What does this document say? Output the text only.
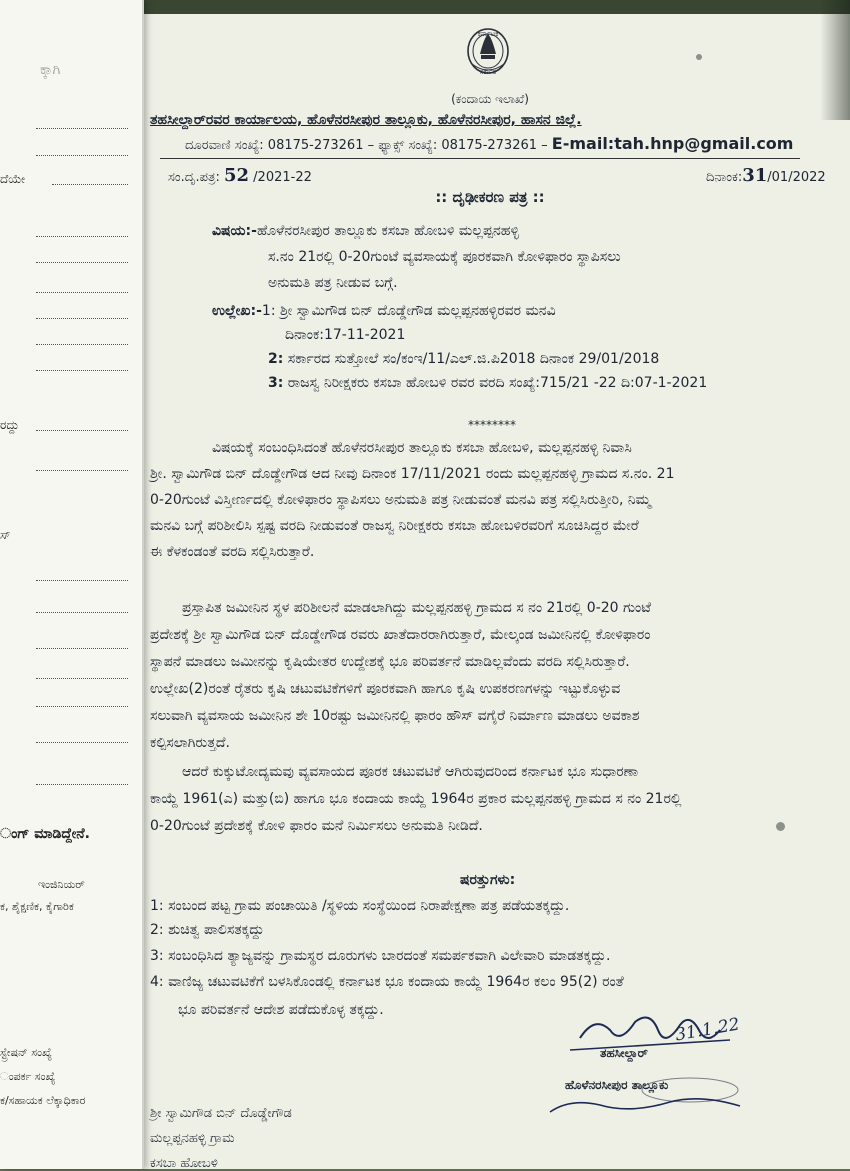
ಕರ್ನಾಟಕ
ಸರ್ಕಾರ
(ಕಂದಾಯ ಇಲಾಖೆ)
ತಹಸೀಲ್ದಾರ್‌ರವರ ಕಾರ್ಯಾಲಯ, ಹೊಳೆನರಸೀಪುರ ತಾಲ್ಲೂಕು, ಹೊಳೆನರಸೀಪುರ, ಹಾಸನ ಜಿಲ್ಲೆ.
ದೂರವಾಣಿ ಸಂಖ್ಯೆ: 08175-273261 – ಫ್ಯಾಕ್ಸ್ ಸಂಖ್ಯೆ: 08175-273261 – E-mail:tah.hnp@gmail.com
ಸಂ.ದೃ.ಪತ್ರ: 52 /2021-22	ದಿನಾಂಕ:31/01/2022
:: ದೃಢೀಕರಣ ಪತ್ರ ::
ವಿಷಯ:-ಹೊಳೆನರಸೀಪುರ ತಾಲ್ಲೂಕು ಕಸಬಾ ಹೋಬಳಿ ಮಲ್ಲಪ್ಪನಹಳ್ಳಿ
ಸ.ನಂ 21ರಲ್ಲಿ 0-20ಗುಂಟೆ ವ್ಯವಸಾಯಕ್ಕೆ ಪೂರಕವಾಗಿ ಕೋಳಿಫಾರಂ ಸ್ಥಾಪಿಸಲು
ಅನುಮತಿ ಪತ್ರ ನೀಡುವ ಬಗ್ಗೆ.
ಉಲ್ಲೇಖ:-1: ಶ್ರೀ ಸ್ವಾಮಿಗೌಡ ಬಿನ್ ದೊಡ್ಡೇಗೌಡ ಮಲ್ಲಪ್ಪನಹಳ್ಳಿರವರ ಮನವಿ
ದಿನಾಂಕ:17-11-2021
2: ಸರ್ಕಾರದ ಸುತ್ತೋಲೆ ಸಂ/ಕಂಇ/11/ಎಲ್.ಜಿ.ಪಿ2018 ದಿನಾಂಕ 29/01/2018
3: ರಾಜಸ್ವ ನಿರೀಕ್ಷಕರು ಕಸಬಾ ಹೋಬಳಿ ರವರ ವರದಿ ಸಂಖ್ಯೆ:715/21 -22 ದಿ:07-1-2021
********
ವಿಷಯಕ್ಕೆ ಸಂಬಂಧಿಸಿದಂತೆ ಹೊಳೆನರಸೀಪುರ ತಾಲ್ಲೂಕು ಕಸಬಾ ಹೋಬಳಿ, ಮಲ್ಲಪ್ಪನಹಳ್ಳಿ ನಿವಾಸಿ
ಶ್ರೀ. ಸ್ವಾಮಿಗೌಡ ಬಿನ್ ದೊಡ್ಡೇಗೌಡ ಆದ ನೀವು ದಿನಾಂಕ 17/11/2021 ರಂದು ಮಲ್ಲಪ್ಪನಹಳ್ಳಿ ಗ್ರಾಮದ ಸ.ನಂ. 21
0-20ಗುಂಟೆ ವಿಸ್ತೀರ್ಣದಲ್ಲಿ ಕೋಳಿಫಾರಂ ಸ್ಥಾಪಿಸಲು ಅನುಮತಿ ಪತ್ರ ನೀಡುವಂತೆ ಮನವಿ ಪತ್ರ ಸಲ್ಲಿಸಿರುತ್ತೀರಿ, ನಿಮ್ಮ
ಮನವಿ ಬಗ್ಗೆ ಪರಿಶೀಲಿಸಿ ಸ್ಪಷ್ಟ ವರದಿ ನೀಡುವಂತೆ ರಾಜಸ್ವ ನಿರೀಕ್ಷಕರು ಕಸಬಾ ಹೋಬಳಿರವರಿಗೆ ಸೂಚಿಸಿದ್ದರ ಮೇರೆ
ಈ ಕೆಳಕಂಡಂತೆ ವರದಿ ಸಲ್ಲಿಸಿರುತ್ತಾರೆ.
ಪ್ರಸ್ತಾಪಿತ ಜಮೀನಿನ ಸ್ಥಳ ಪರಿಶೀಲನೆ ಮಾಡಲಾಗಿದ್ದು ಮಲ್ಲಪ್ಪನಹಳ್ಳಿ ಗ್ರಾಮದ ಸ ನಂ 21ರಲ್ಲಿ 0-20 ಗುಂಟೆ
ಪ್ರದೇಶಕ್ಕೆ ಶ್ರೀ ಸ್ವಾಮಿಗೌಡ ಬಿನ್ ದೊಡ್ಡೇಗೌಡ ರವರು ಖಾತೆದಾರರಾಗಿರುತ್ತಾರೆ, ಮೇಲ್ಕಂಡ ಜಮೀನಿನಲ್ಲಿ ಕೋಳಿಫಾರಂ
ಸ್ಥಾಪನೆ ಮಾಡಲು ಜಮೀನನ್ನು ಕೃಷಿಯೇತರ ಉದ್ದೇಶಕ್ಕೆ ಭೂ ಪರಿವರ್ತನೆ ಮಾಡಿಲ್ಲವೆಂದು ವರದಿ ಸಲ್ಲಿಸಿರುತ್ತಾರೆ.
ಉಲ್ಲೇಖ(2)ರಂತೆ ರೈತರು ಕೃಷಿ ಚಟುವಟಿಕೆಗಳಿಗೆ ಪೂರಕವಾಗಿ ಹಾಗೂ ಕೃಷಿ ಉಪಕರಣಗಳನ್ನು ಇಟ್ಟುಕೊಳ್ಳುವ
ಸಲುವಾಗಿ ವ್ಯವಸಾಯ ಜಮೀನಿನ ಶೇ 10ರಷ್ಟು ಜಮೀನಿನಲ್ಲಿ ಫಾರಂ ಹೌಸ್ ವಗೈರೆ ನಿರ್ಮಾಣ ಮಾಡಲು ಅವಕಾಶ
ಕಲ್ಪಿಸಲಾಗಿರುತ್ತದೆ.
ಆದರೆ ಕುಕ್ಕುಟೋದ್ಯಮವು ವ್ಯವಸಾಯದ ಪೂರಕ ಚಟುವಟಿಕೆ ಆಗಿರುವುದರಿಂದ ಕರ್ನಾಟಕ ಭೂ ಸುಧಾರಣಾ
ಕಾಯ್ದೆ 1961(ಎ) ಮತ್ತು(ಬಿ) ಹಾಗೂ ಭೂ ಕಂದಾಯ ಕಾಯ್ದೆ 1964ರ ಪ್ರಕಾರ ಮಲ್ಲಪ್ಪನಹಳ್ಳಿ ಗ್ರಾಮದ ಸ ನಂ 21ರಲ್ಲಿ
0-20ಗುಂಟೆ ಪ್ರದೇಶಕ್ಕೆ ಕೋಳಿ ಫಾರಂ ಮನೆ ನಿರ್ಮಿಸಲು ಅನುಮತಿ ನೀಡಿದೆ.
ಷರತ್ತುಗಳು:
1: ಸಂಬಂದ ಪಟ್ಟ ಗ್ರಾಮ ಪಂಚಾಯಿತಿ /ಸ್ಥಳಿಯ ಸಂಸ್ಥೆಯಿಂದ ನಿರಾಪೇಕ್ಷಣಾ ಪತ್ರ ಪಡೆಯತಕ್ಕದ್ದು.
2: ಶುಚಿತ್ವ ಪಾಲಿಸತಕ್ಕದ್ದು
3: ಸಂಬಂಧಿಸಿದ ತ್ಯಾಜ್ಯವನ್ನು ಗ್ರಾಮಸ್ಥರ ದೂರುಗಳು ಬಾರದಂತೆ ಸಮರ್ಪಕವಾಗಿ ವಿಲೇವಾರಿ ಮಾಡತಕ್ಕದ್ದು.
4: ವಾಣಿಜ್ಯ ಚಟುವಟಿಕೆಗೆ ಬಳಸಿಕೊಂಡಲ್ಲಿ ಕರ್ನಾಟಕ ಭೂ ಕಂದಾಯ ಕಾಯ್ದೆ 1964ರ ಕಲಂ 95(2) ರಂತೆ
ಭೂ ಪರಿವರ್ತನೆ ಆದೇಶ ಪಡೆದುಕೊಳ್ಳ ತಕ್ಕದ್ದು.
31.1.22
ತಹಸೀಲ್ದಾರ್
ಹೊಳೆನರಸೀಪುರ ತಾಲ್ಲೂಕು
ಶ್ರೀ ಸ್ವಾಮಿಗೌಡ ಬಿನ್ ದೊಡ್ಡೇಗೌಡ
ಮಲ್ಲಪ್ಪನಹಳ್ಳಿ ಗ್ರಾಮ
ಕಸಬಾ ಹೋಬಳಿ
ಕ್ಕಾಗಿ
ದೆಯೇ
ರದ್ದು
ಸ್
ಂಗ್ ಮಾಡಿದ್ದೇನೆ.
ಇಂಜಿನಿಯರ್
ಕ, ಶೈಕ್ಷಣಿಕ, ಕೈಗಾರಿಕ
ಸ್ಟ್ರೇಷನ್ ಸಂಖ್ಯೆ
ಂಪರ್ಕ ಸಂಖ್ಯೆ
ಕ/ಸಹಾಯಕ ಲೆಕ್ಕಾಧಿಕಾರ
